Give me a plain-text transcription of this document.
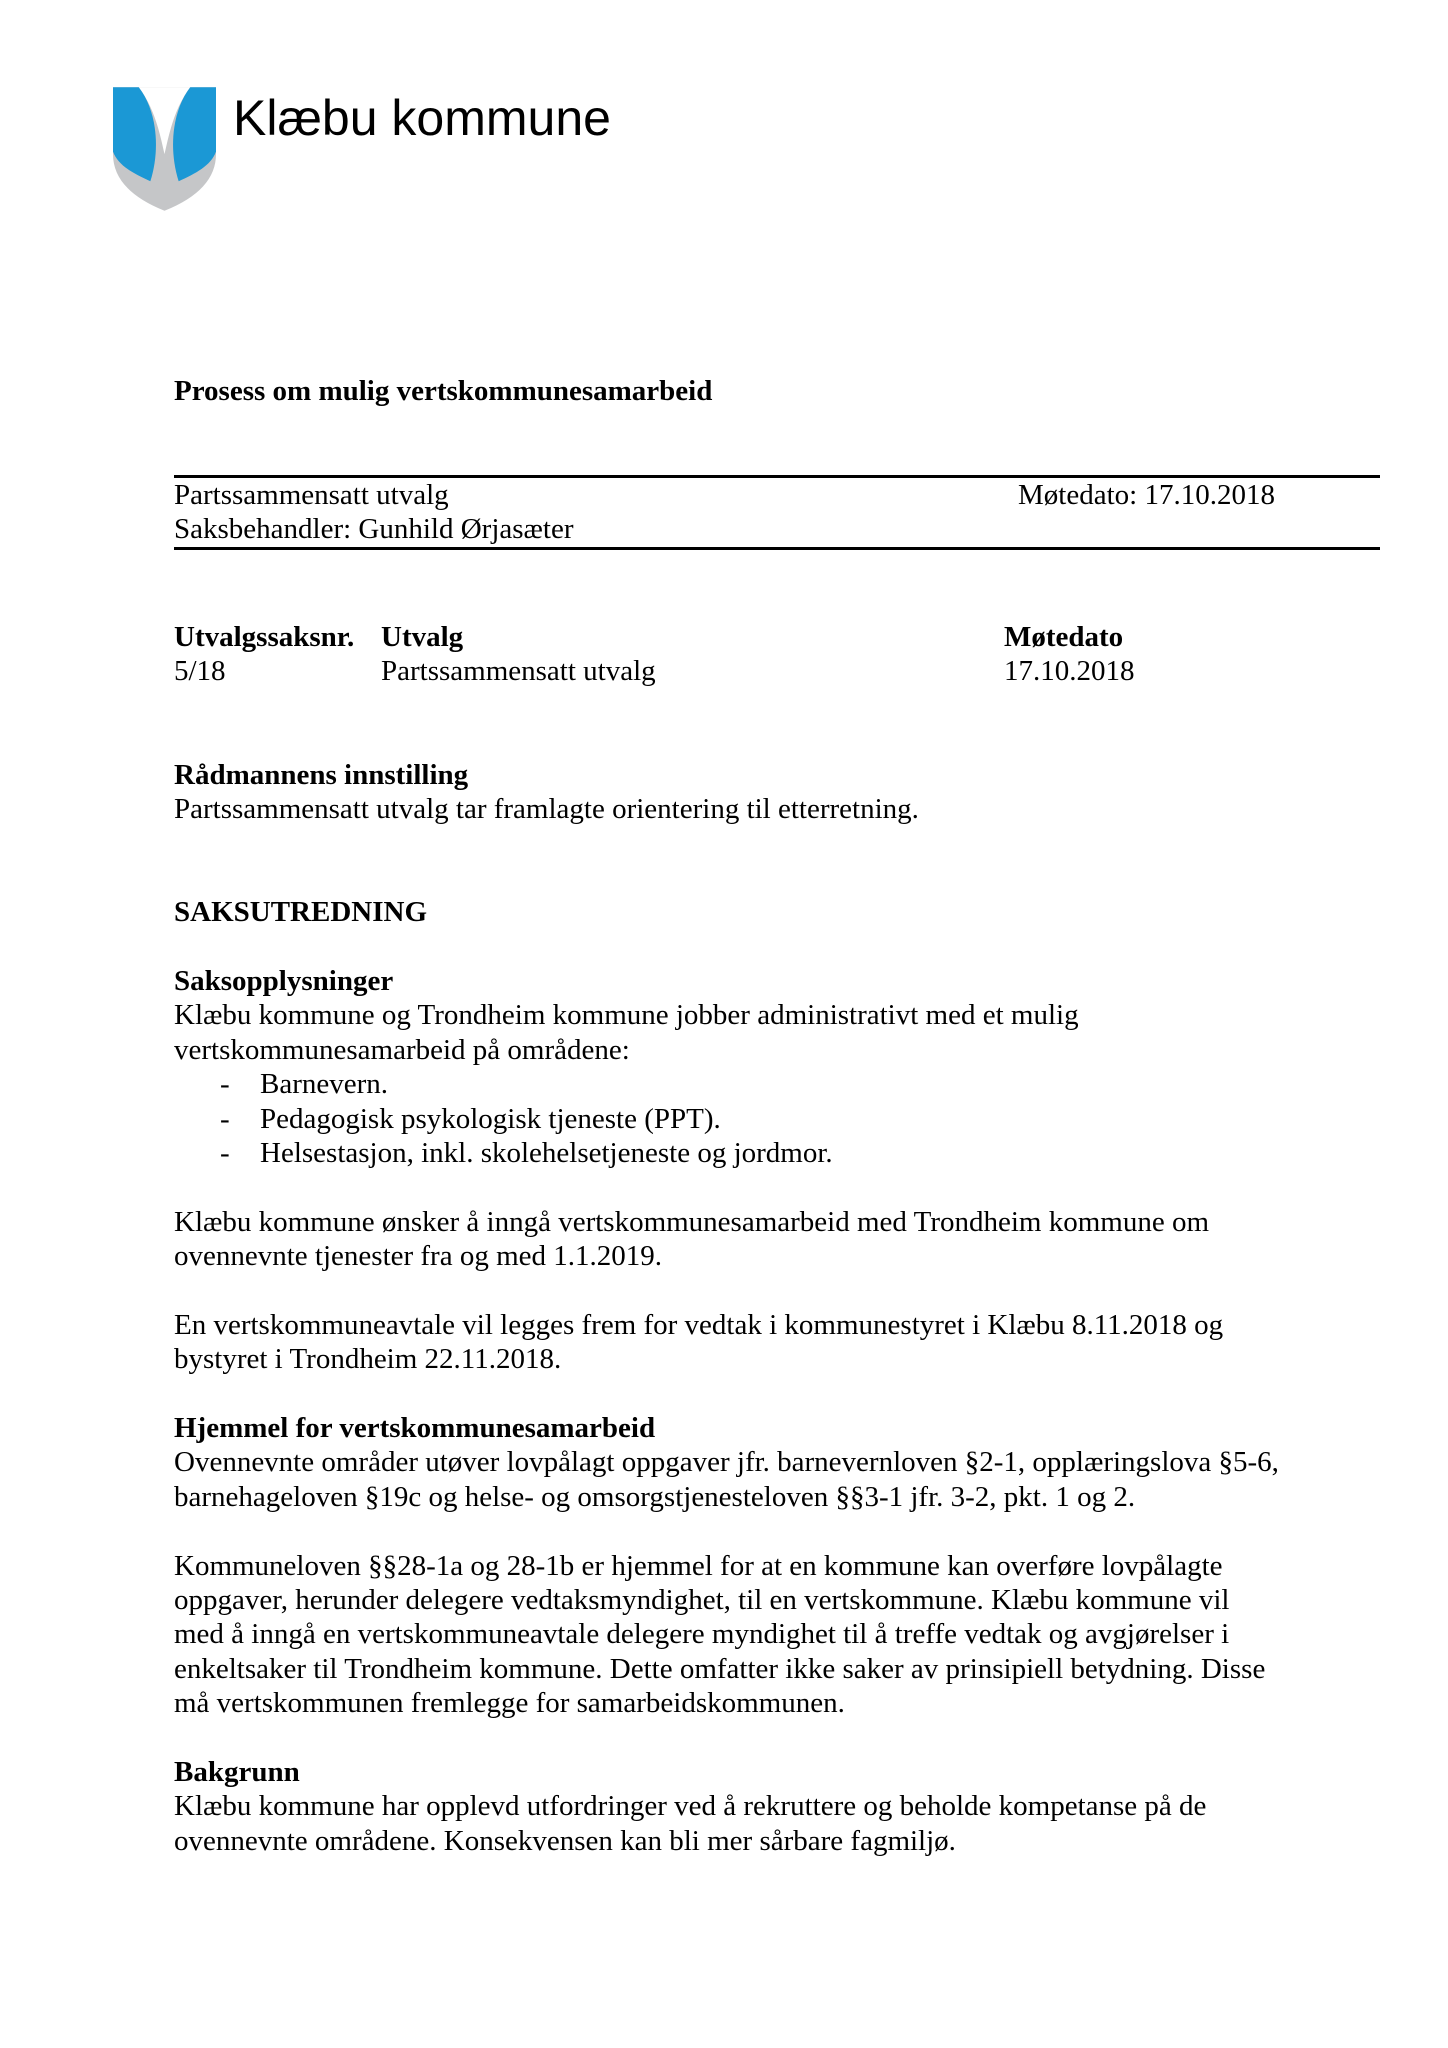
Klæbu kommune
Prosess om mulig vertskommunesamarbeid
Partssammensatt utvalg	Møtedato: 17.10.2018
Saksbehandler: Gunhild Ørjasæter
Utvalgssaksnr. Utvalg	Møtedato
5/18	Partssammensatt utvalg	17.10.2018
Rådmannens innstilling
Partssammensatt utvalg tar framlagte orientering til etterretning.
SAKSUTREDNING
Saksopplysninger
Klæbu kommune og Trondheim kommune jobber administrativt med et mulig
vertskommunesamarbeid på områdene:
- Barnevern.
- Pedagogisk psykologisk tjeneste (PPT).
- Helsestasjon, inkl. skolehelsetjeneste og jordmor.
Klæbu kommune ønsker å inngå vertskommunesamarbeid med Trondheim kommune om
ovennevnte tjenester fra og med 1.1.2019.
En vertskommuneavtale vil legges frem for vedtak i kommunestyret i Klæbu 8.11.2018 og
bystyret i Trondheim 22.11.2018.
Hjemmel for vertskommunesamarbeid
Ovennevnte områder utøver lovpålagt oppgaver jfr. barnevernloven §2-1, opplæringslova §5-6,
barnehageloven §19c og helse- og omsorgstjenesteloven §§3-1 jfr. 3-2, pkt. 1 og 2.
Kommuneloven §§28-1a og 28-1b er hjemmel for at en kommune kan overføre lovpålagte
oppgaver, herunder delegere vedtaksmyndighet, til en vertskommune. Klæbu kommune vil
med å inngå en vertskommuneavtale delegere myndighet til å treffe vedtak og avgjørelser i
enkeltsaker til Trondheim kommune. Dette omfatter ikke saker av prinsipiell betydning. Disse
må vertskommunen fremlegge for samarbeidskommunen.
Bakgrunn
Klæbu kommune har opplevd utfordringer ved å rekruttere og beholde kompetanse på de
ovennevnte områdene. Konsekvensen kan bli mer sårbare fagmiljø.
